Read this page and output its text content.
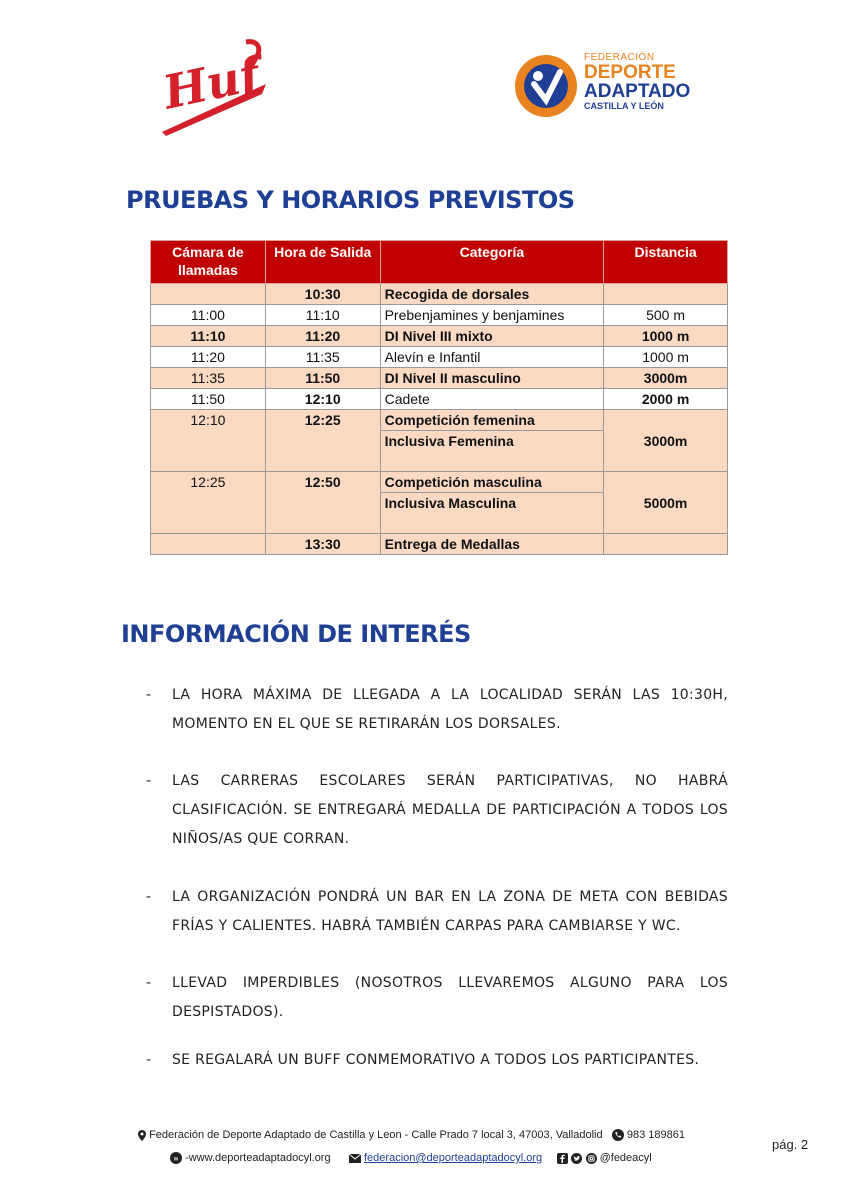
Huf	FEDERACIÓN
DEPORTE
ADAPTADO
CASTILLA Y LEÓN
PRUEBAS Y HORARIOS PREVISTOS
Cámara de llamadas	Hora de Salida	Categoría	Distancia
	10:30	Recogida de dorsales	
11:00	11:10	Prebenjamines y benjamines	500 m
11:10	11:20	DI Nivel III mixto	1000 m
11:20	11:35	Alevín e Infantil	1000 m
11:35	11:50	DI Nivel II masculino	3000m
11:50	12:10	Cadete	2000 m
12:10	12:25	Competición femenina	3000m
		Inclusiva Femenina	

12:25	12:50	Competición masculina	5000m
		Inclusiva Masculina	

	13:30	Entrega de Medallas	
INFORMACIÓN DE INTERÉS
- LA HORA MÁXIMA DE LLEGADA A LA LOCALIDAD SERÁN LAS 10:30H, MOMENTO EN EL QUE SE RETIRARÁN LOS DORSALES.
- LAS CARRERAS ESCOLARES SERÁN PARTICIPATIVAS, NO HABRÁ CLASIFICACIÓN. SE ENTREGARÁ MEDALLA DE PARTICIPACIÓN A TODOS LOS NIÑOS/AS QUE CORRAN.
- LA ORGANIZACIÓN PONDRÁ UN BAR EN LA ZONA DE META CON BEBIDAS FRÍAS Y CALIENTES. HABRÁ TAMBIÉN CARPAS PARA CAMBIARSE Y WC.
- LLEVAD IMPERDIBLES (NOSOTROS LLEVAREMOS ALGUNO PARA LOS DESPISTADOS).
- SE REGALARÁ UN BUFF CONMEMORATIVO A TODOS LOS PARTICIPANTES.
Federación de Deporte Adaptado de Castilla y Leon - Calle Prado 7 local 3, 47003, Valladolid 983 189861
w -www.deporteadaptadocyl.org	federacion@deporteadaptadocyl.org	@fedeacyl
pág. 2
